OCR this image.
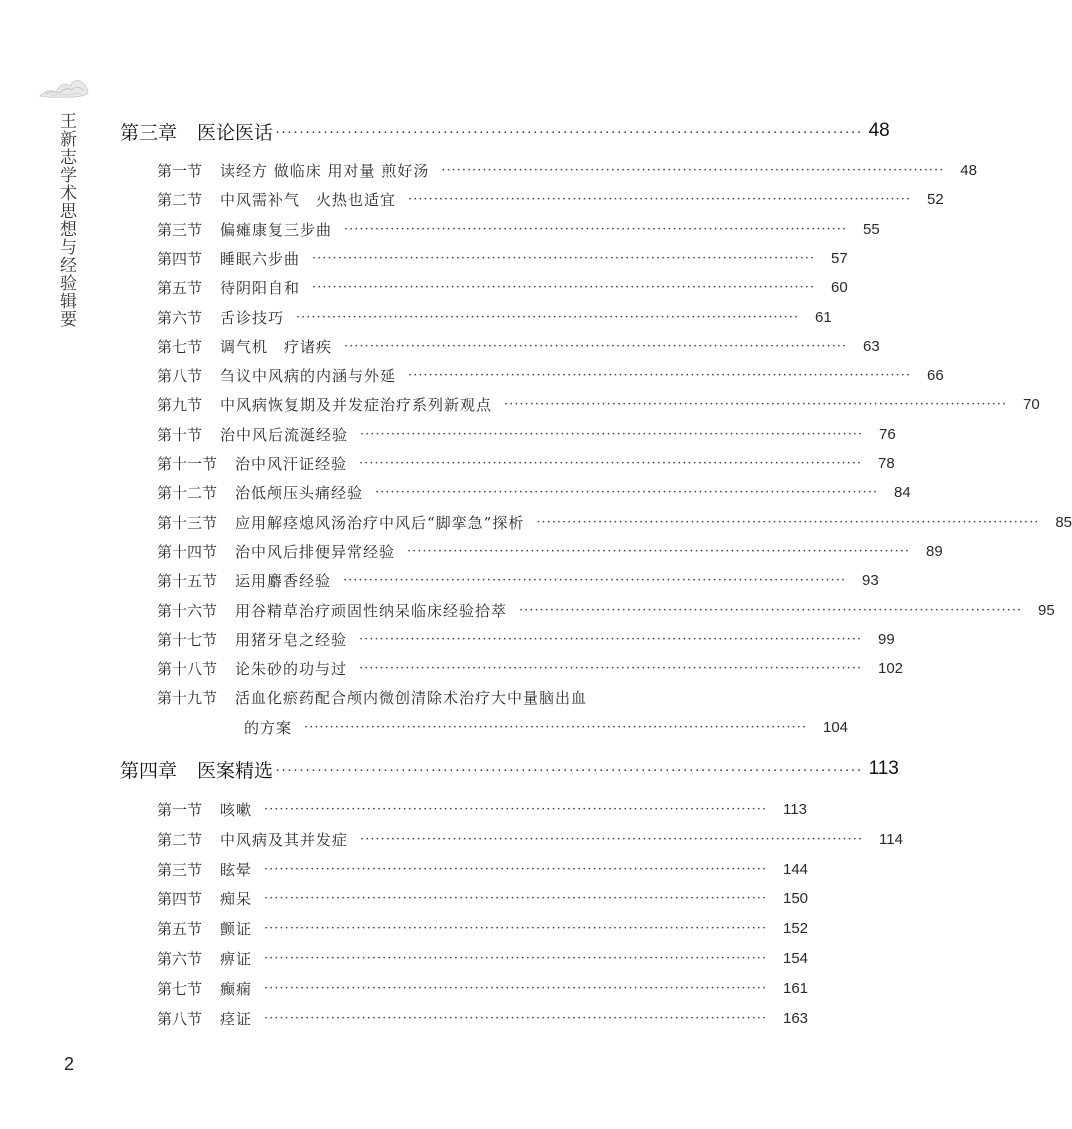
王新志学术思想与经验辑要 第三章 医论医话 ·································································································· 48
第一节 读经方 做临床 用对量 煎好汤 ·································································································· 48
第二节 中风需补气　火热也适宜 ·································································································· 52
第三节 偏瘫康复三步曲 ·································································································· 55
第四节 睡眠六步曲 ·································································································· 57
第五节 待阴阳自和 ·································································································· 60
第六节 舌诊技巧 ·································································································· 61
第七节 调气机　疗诸疾 ·································································································· 63
第八节 刍议中风病的内涵与外延 ·································································································· 66
第九节 中风病恢复期及并发症治疗系列新观点 ·································································································· 70
第十节 治中风后流涎经验 ·································································································· 76
第十一节 治中风汗证经验 ·································································································· 78
第十二节 治低颅压头痛经验 ·································································································· 84
第十三节 应用解痉熄风汤治疗中风后“脚挛急”探析 ·································································································· 85
第十四节 治中风后排便异常经验 ·································································································· 89
第十五节 运用麝香经验 ·································································································· 93
第十六节 用谷精草治疗顽固性纳呆临床经验拾萃 ·································································································· 95
第十七节 用猪牙皂之经验 ·································································································· 99
第十八节 论朱砂的功与过 ·································································································· 102
第十九节 活血化瘀药配合颅内微创清除术治疗大中量脑出血
的方案 ·································································································· 104
第四章 医案精选 ·································································································· 113
第一节 咳嗽 ·································································································· 113
第二节 中风病及其并发症 ·································································································· 114
第三节 眩晕 ·································································································· 144
第四节 痴呆 ·································································································· 150
第五节 颤证 ·································································································· 152
第六节 痹证 ·································································································· 154
第七节 癫痫 ·································································································· 161
第八节 痉证 ·································································································· 163
2
